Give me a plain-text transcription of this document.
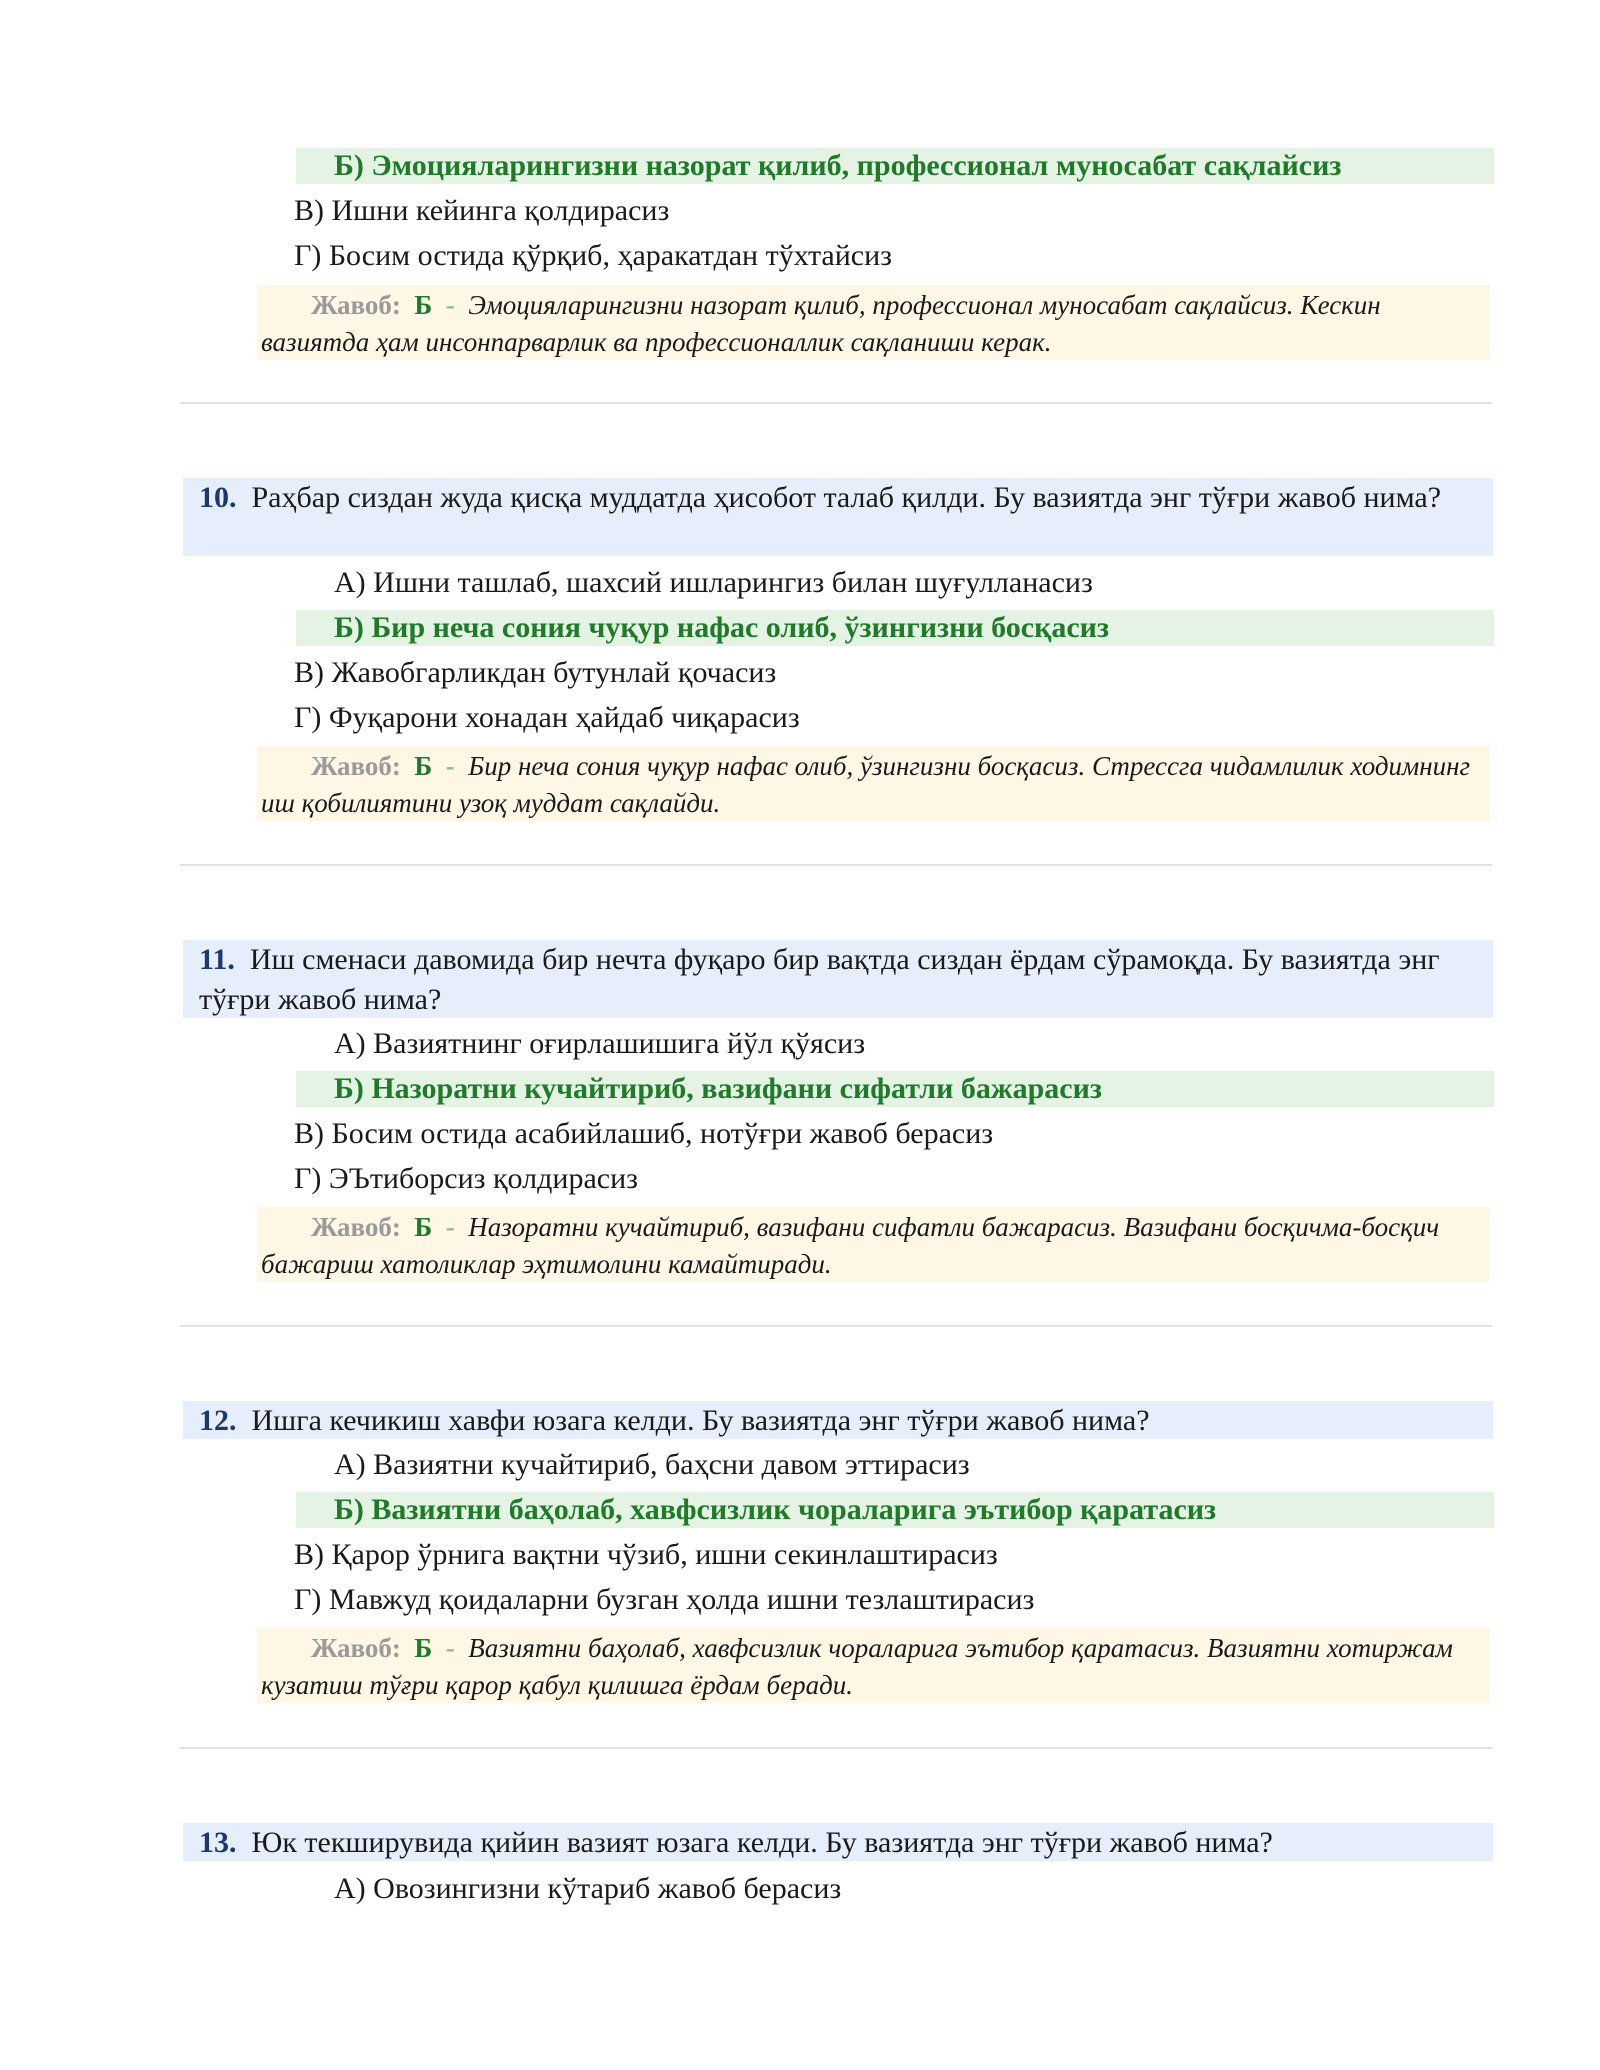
Б) Эмоцияларингизни назорат қилиб, профессионал муносабат сақлайсиз
В) Ишни кейинга қолдирасиз
Г) Босим остида қўрқиб, ҳаракатдан тўхтайсиз
Жавоб: Б - Эмоцияларингизни назорат қилиб, профессионал муносабат сақлайсиз. Кескин вазиятда ҳам инсонпарварлик ва профессионаллик сақланиши керак.
10. Раҳбар сиздан жуда қисқа муддатда ҳисобот талаб қилди. Бу вазиятда энг тўғри жавоб нима?
А) Ишни ташлаб, шахсий ишларингиз билан шуғулланасиз
Б) Бир неча сония чуқур нафас олиб, ўзингизни босқасиз
В) Жавобгарликдан бутунлай қочасиз
Г) Фуқарони хонадан ҳайдаб чиқарасиз
Жавоб: Б - Бир неча сония чуқур нафас олиб, ўзингизни босқасиз. Стрессга чидамлилик ходимнинг иш қобилиятини узоқ муддат сақлайди.
11. Иш сменаси давомида бир нечта фуқаро бир вақтда сиздан ёрдам сўрамоқда. Бу вазиятда энг тўғри жавоб нима?
А) Вазиятнинг оғирлашишига йўл қўясиз
Б) Назоратни кучайтириб, вазифани сифатли бажарасиз
В) Босим остида асабийлашиб, нотўғри жавоб берасиз
Г) ЭЪтиборсиз қолдирасиз
Жавоб: Б - Назоратни кучайтириб, вазифани сифатли бажарасиз. Вазифани босқичма-босқич бажариш хатоликлар эҳтимолини камайтиради.
12. Ишга кечикиш хавфи юзага келди. Бу вазиятда энг тўғри жавоб нима?
А) Вазиятни кучайтириб, баҳсни давом эттирасиз
Б) Вазиятни баҳолаб, хавфсизлик чораларига эътибор қаратасиз
В) Қарор ўрнига вақтни чўзиб, ишни секинлаштирасиз
Г) Мавжуд қоидаларни бузган ҳолда ишни тезлаштирасиз
Жавоб: Б - Вазиятни баҳолаб, хавфсизлик чораларига эътибор қаратасиз. Вазиятни хотиржам кузатиш тўғри қарор қабул қилишга ёрдам беради.
13. Юк текширувида қийин вазият юзага келди. Бу вазиятда энг тўғри жавоб нима?
А) Овозингизни кўтариб жавоб берасиз
